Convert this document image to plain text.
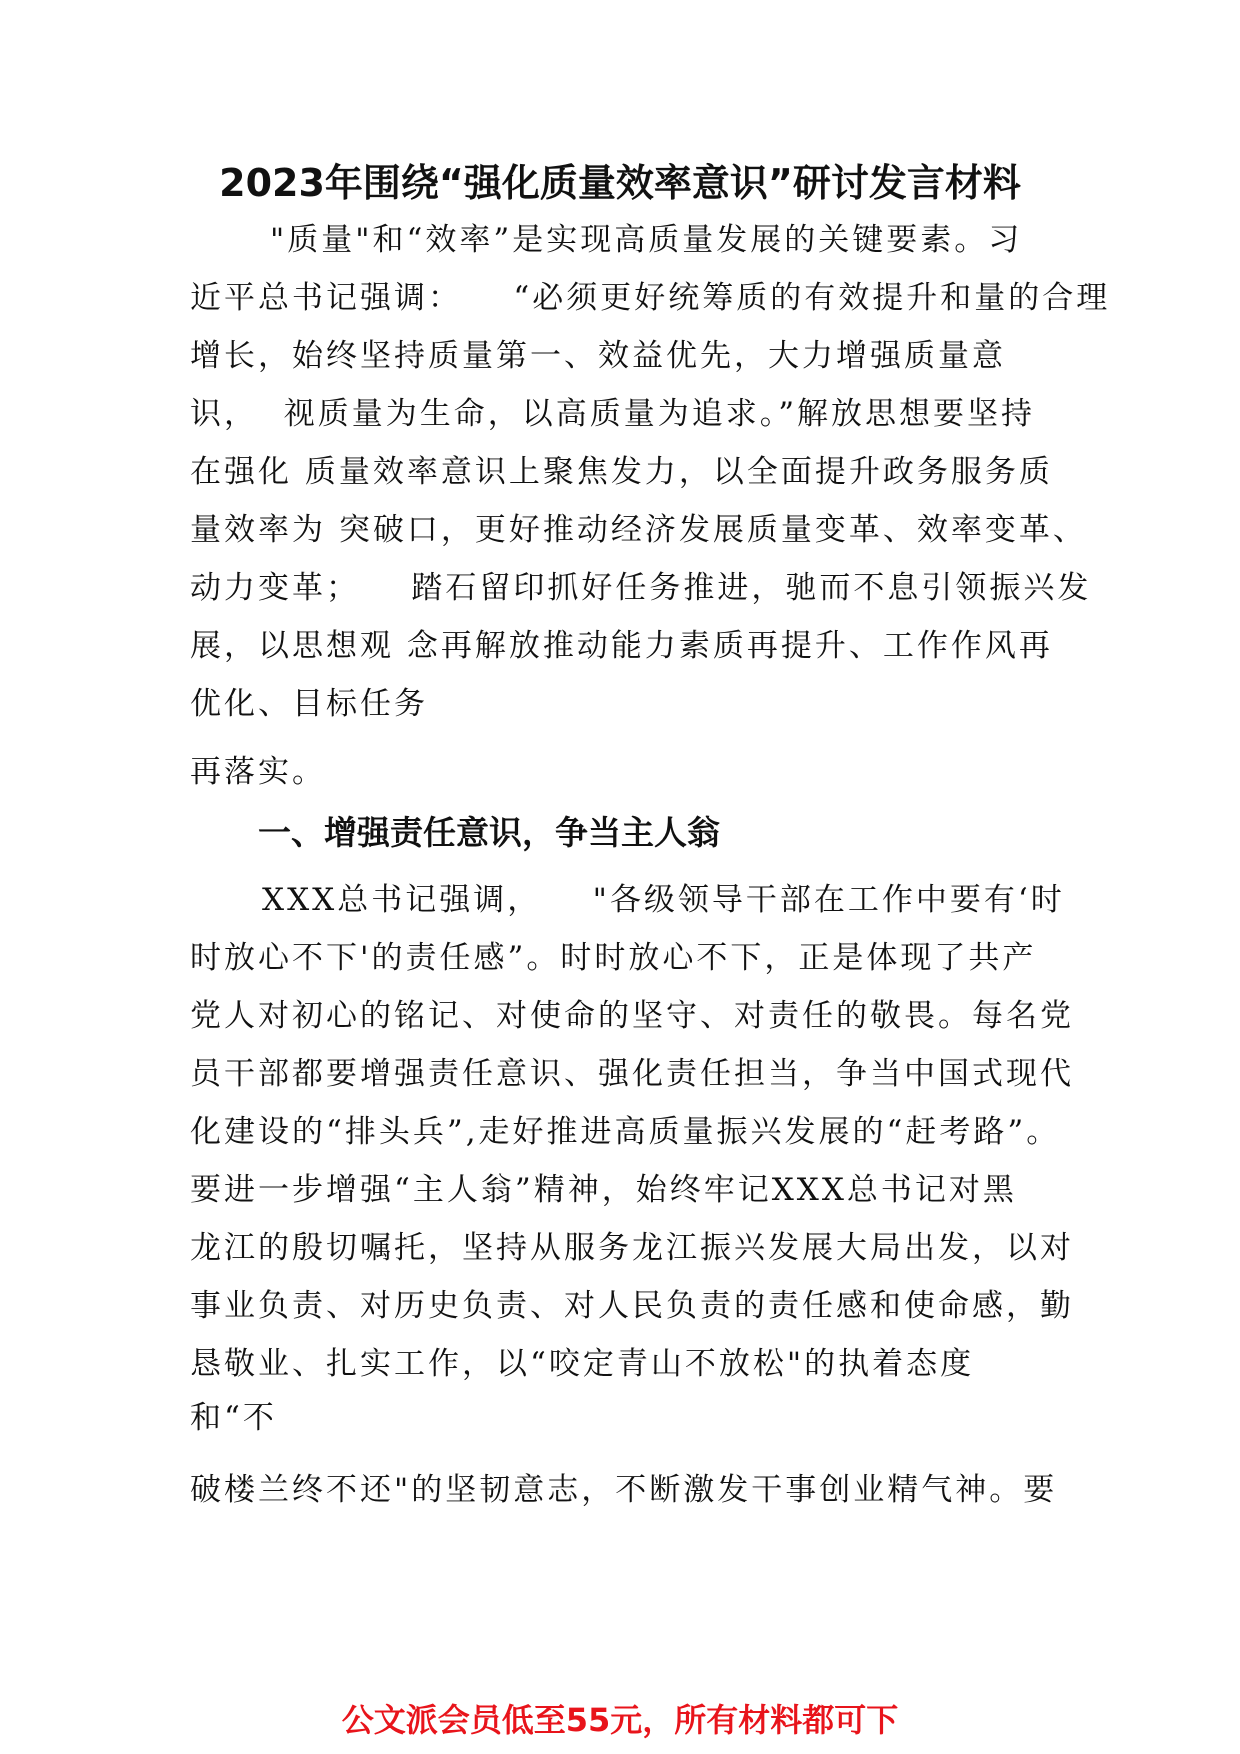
2023年围绕“强化质量效率意识”研讨发言材料

"质量"和“效率”是实现高质量发展的关键要素。习

近平总书记强调：    “必须更好统筹质的有效提升和量的合理

增长，始终坚持质量第一、效益优先，大力增强质量意

识，  视质量为生命，以高质量为追求。”解放思想要坚持

在强化 质量效率意识上聚焦发力，以全面提升政务服务质

量效率为 突破口，更好推动经济发展质量变革、效率变革、

动力变革；    踏石留印抓好任务推进，驰而不息引领振兴发

展，以思想观 念再解放推动能力素质再提升、工作作风再

优化、目标任务

再落实。

一、增强责任意识，争当主人翁

XXX总书记强调，    "各级领导干部在工作中要有‘时

时放心不下'的责任感”。时时放心不下，正是体现了共产

党人对初心的铭记、对使命的坚守、对责任的敬畏。每名党

员干部都要增强责任意识、强化责任担当，争当中国式现代

化建设的“排头兵”,走好推进高质量振兴发展的“赶考路”。

要进一步增强“主人翁”精神，始终牢记XXX总书记对黑

龙江的殷切嘱托，坚持从服务龙江振兴发展大局出发，以对

事业负责、对历史负责、对人民负责的责任感和使命感，勤

恳敬业、扎实工作，以“咬定青山不放松"的执着态度

和“不

破楼兰终不还"的坚韧意志，不断激发干事创业精气神。要

公文派会员低至55元，所有材料都可下
